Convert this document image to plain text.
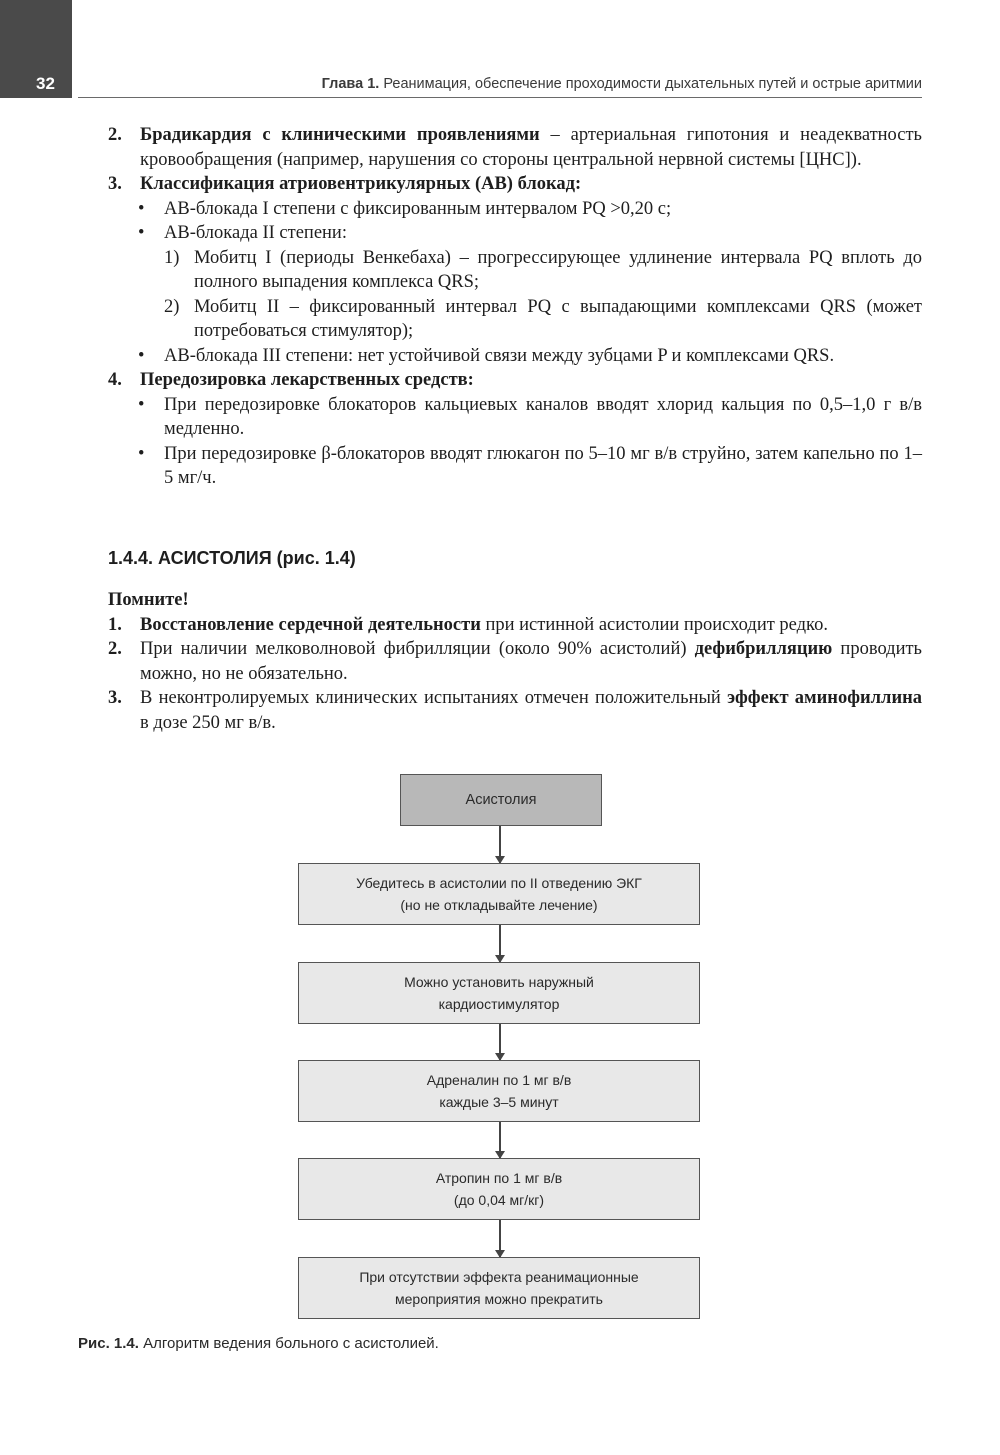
32	Глава 1. Реанимация, обеспечение проходимости дыхательных путей и острые аритмии
2. Брадикардия с клиническими проявлениями – артериальная гипотония и неадекватность кровообращения (например, нарушения со стороны центральной нервной системы [ЦНС]).
3. Классификация атриовентрикулярных (АВ) блокад:
•	АВ-блокада I степени с фиксированным интервалом PQ >0,20 с;
•	АВ-блокада II степени:
1) Мобитц I (периоды Венкебаха) – прогрессирующее удлинение интервала PQ вплоть до полного выпадения комплекса QRS;
2) Мобитц II – фиксированный интервал PQ с выпадающими комплексами QRS (может потребоваться стимулятор);
•	АВ-блокада III степени: нет устойчивой связи между зубцами P и комплексами QRS.
4. Передозировка лекарственных средств:
•	При передозировке блокаторов кальциевых каналов вводят хлорид кальция по 0,5–1,0 г в/в медленно.
•	При передозировке β-блокаторов вводят глюкагон по 5–10 мг в/в струйно, затем капельно по 1–5 мг/ч.
1.4.4. АСИСТОЛИЯ (рис. 1.4)
Помните!
1. Восстановление сердечной деятельности при истинной асистолии происходит редко.
2. При наличии мелковолновой фибрилляции (около 90% асистолий) дефибрилляцию проводить можно, но не обязательно.
3. В неконтролируемых клинических испытаниях отмечен положительный эффект аминофиллина в дозе 250 мг в/в.
Асистолия
Убедитесь в асистолии по II отведению ЭКГ
(но не откладывайте лечение)
Можно установить наружный
кардиостимулятор
Адреналин по 1 мг в/в
каждые 3–5 минут
Атропин по 1 мг в/в
(до 0,04 мг/кг)
При отсутствии эффекта реанимационные
мероприятия можно прекратить
Рис. 1.4. Алгоритм ведения больного с асистолией.
